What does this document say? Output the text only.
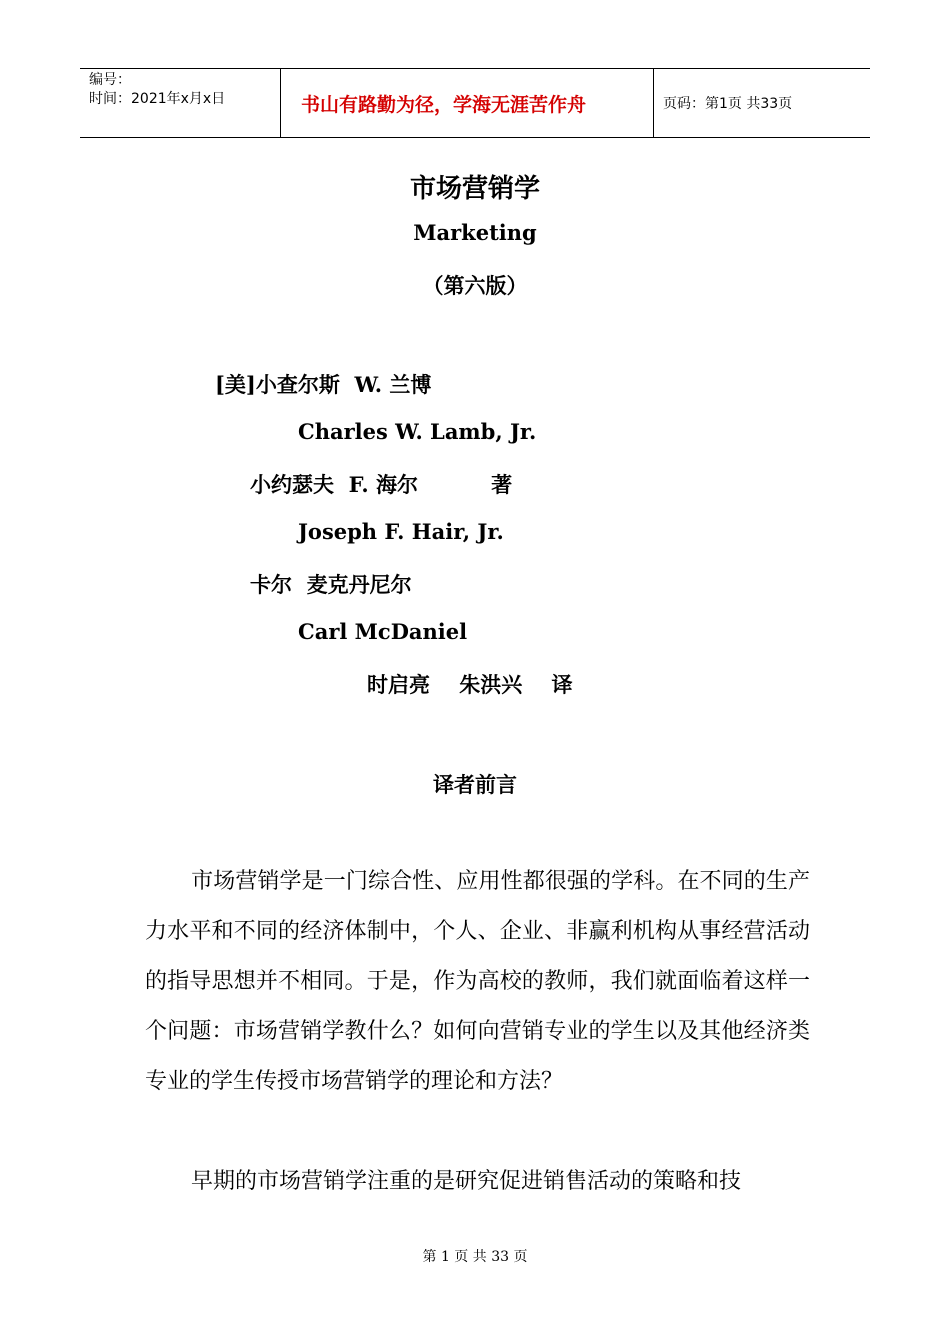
编号：
时间：2021年x月x日	书山有路勤为径，学海无涯苦作舟	页码：第1页 共33页
市场营销学
Marketing
（第六版）
[美]小查尔斯  W. 兰博
Charles W. Lamb, Jr.
小约瑟夫  F. 海尔          著
Joseph F. Hair, Jr.
卡尔  麦克丹尼尔
Carl McDaniel
时启亮    朱洪兴    译
译者前言
市场营销学是一门综合性、应用性都很强的学科。在不同的生产力水平和不同的经济体制中，个人、企业、非赢利机构从事经营活动的指导思想并不相同。于是，作为高校的教师，我们就面临着这样一个问题：市场营销学教什么？如何向营销专业的学生以及其他经济类专业的学生传授市场营销学的理论和方法？
早期的市场营销学注重的是研究促进销售活动的策略和技
第 1 页 共 33 页
